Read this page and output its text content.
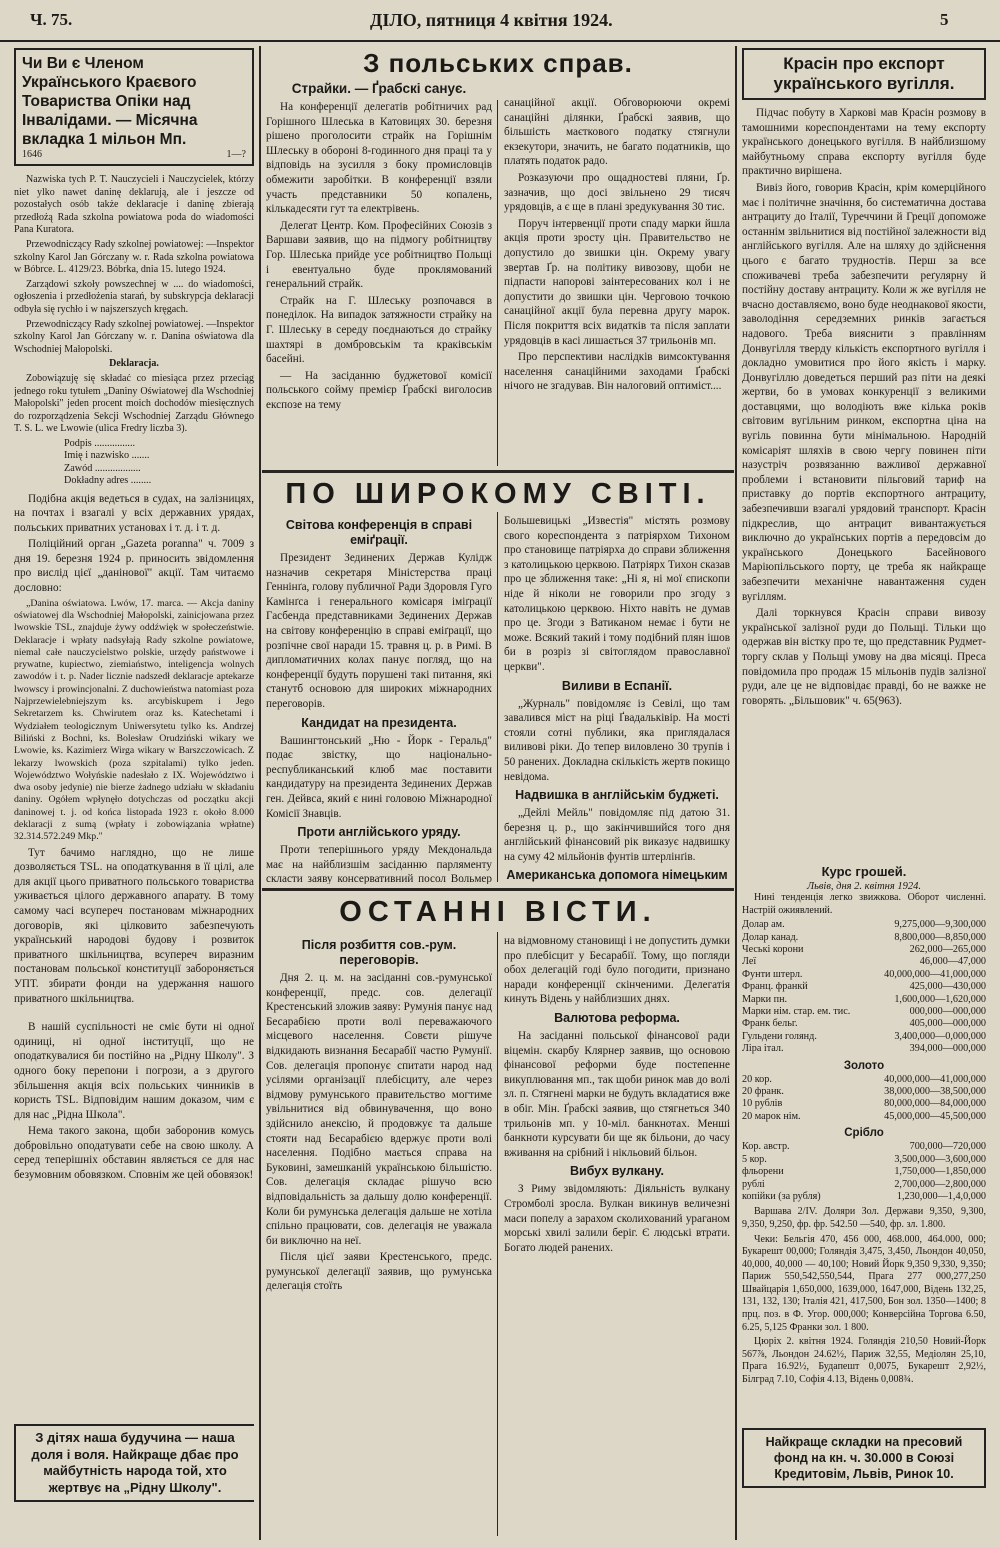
Ч. 75.	ДІЛО, пятниця 4 квітня 1924.	5
Чи Ви є Членом Українського Краєвого Товариства Опіки над Інвалідами. — Місячна вкладка 1 мільон Мп.
1646	1—?

Nazwiska tych P. T. Nauczycieli i Nauczycielek, którzy niet ylko nawet daninę deklarują, ale i jeszcze od pozostałych osób także deklaracje i daninę zbierają przedłożą Rada szkolna powiatowa poda do wiadomości Pana Kuratora.

Przewodniczący Rady szkolnej powiatowej: —Inspektor szkolny Karol Jan Górczany w. r. Rada szkolna powiatowa w Bóbrce. L. 4129/23. Bóbrka, dnia 15. lutego 1924.

Zarządowi szkoły powszechnej w .... do wiadomości, ogłoszenia i przedłożenia starań, by subskrypcja deklaracji odbyła się rychło i w najszerszych kręgach.

Przewodniczący Rady szkolnej powiatowej. —Inspektor szkolny Karol Jan Górczany w. r. Danina oświatowa dla Wschodniej Małopolski.

Deklaracja.

Zobowiązuję się składać co miesiąca przez przeciąg jednego roku tytułem „Daniny Oświatowej dla Wschodniej Małopolski" jeden procent moich dochodów miesięcznych do rozporządzenia Sekcji Wschodniej Zarządu Głównego T. S. L. we Lwowie (ulica Fredry liczba 3).

Podpis ................
Imię i nazwisko .......
Zawód ..................
Dokładny adres ........

Подібна акція ведеться в судах, на залізницях, на почтах і взагалі у всіх державних урядах, польських приватних установах і т. д. і т. д.

Поліційний орган „Gazeta poranna" ч. 7009 з дня 19. березня 1924 р. приносить звідомлення про вислід цієї „данінової" акції. Там читаємо дословно:

„Danina oświatowa. Lwów, 17. marca. — Akcja daniny oświatowej dla Wschodniej Małopolski, zainicjowana przez lwowskie TSL, znajduje żywy oddźwięk w społeczeństwie. Deklaracje i wpłaty nadsyłają Rady szkolne powiatowe, niemal całe nauczycielstwo polskie, urzędy państwowe i prywatne, kupiectwo, ziemiaństwo, inteligencja wolnych zawodów i t. p. Nader licznie nadszedł deklaracje aptekarze lwowscy i prowincjonalni. Z duchowieństwa natomiast poza Najprzewielebniejszym ks. arcybiskupem i Jego Sekretarzem ks. Chwirutem oraz ks. Katechetami i Wydziałem teologicznym Uniwersytetu tylko ks. Andrzej Biliński z Bochni, ks. Bolesław Orudziński wikary we Lwowie, ks. Kazimierz Wirga wikary w Barszczowicach. Z lekarzy lwowskich (poza szpitalami) tylko jeden. Województwo Wołyńskie nadesłało z IX. Województwo i dwa osoby jedynie) nie bierze żadnego udziału w składaniu daniny. Ogółem wpłynęło dotychczas od początku akcji daninowej t. j. od końca listopada 1923 r. około 8.000 deklaracji z sumą (wpłaty i zobowiązania wpłatne) 32.314.572.249 Mkp."

Тут бачимо наглядно, що не лише дозволяється TSL. на оподаткування в її цілі, але для акції цього приватного польського товариства уживається цілого державного апарату. В тому самому часі всупереч постановам міжнародних договорів, які цілковито забезпечують український народові будову і розвиток приватного шкільництва, всупереч виразним постановам польської конституції забороняється УПТ. збирати фонди на удержання нашого приватного шкільництва.

В нашій суспільності не сміє бути ні одної одиниці, ні одної інституції, що не оподаткувалися би постійно на „Рідну Школу". З одного боку перепони і погрози, а з другого збільшення акція всіх польських чинників в користь TSL. Відповідим нашим доказом, чим є для нас „Рідна Школа".

Нема такого закона, щоби заборонив комусь добровільно оподатувати себе на свою школу. А серед теперішніх обставин являється се для нас безумовним обовязком. Сповнім же цей обовязок!

З дітях наша будучина — наша доля і воля. Найкраще дбає про майбутність народа той, хто жертвує на „Рідну Школу".
З польських справ.
Страйки. — Ґрабскі санує.

На конференції делегатів робітничих рад Горішного Шлеська в Катовицях 30. березня рішено проголосити страйк на Горішнім Шлеську в обороні 8-годинного дня праці та у відповідь на зусилля з боку промисловців обмежити заробітки. В конференції взяли участь представники 50 копалень, кількадесяти гут та електрівень.

Делегат Центр. Ком. Професійних Союзів з Варшави заявив, що на підмогу робітництву Гор. Шлеська прийде усе робітництво Польщі і евентуально буде проклямований генеральний страйк.

Страйк на Г. Шлеську розпочався в понеділок. На випадок затяжности страйку на Г. Шлеську в середу поєднаються до страйку шахтярі в домбровськім та краківськім басейні.

— На засіданню буджетової комісії польського сойму премієр Ґрабскі виголосив експозе на тему

санаційної акції. Обговорюючи окремі санаційні ділянки, Ґрабскі заявив, що більшість маєткового податку стягнули екзекутори, значить, не багато податників, що платять податок радо.

Розказуючи про ощадностеві пляни, Ґр. зазначив, що досі звільнено 29 тисяч урядовців, а є ще в плані зредукування 30 тис.

Поруч інтервенції проти спаду марки йшла акція проти зросту цін. Правительство не допустило до звишки цін. Окрему увагу звертав Ґр. на політику вивозову, щоби не підпасти напорові заінтересованих кол і не допустити до звишки цін. Черговою точкою санаційної акції була перевна другу марок. Після покриття всіх видатків та після заплати урядовців в касі лишається 37 трильонів мп.

Про перспективи наслідків вимсоктування населення санаційними заходами Ґрабскі нічого не згадував. Він налоговий оптиміст....

ПО ШИРОКОМУ СВІТІ.
Світова конференція в справі еміґрації.

Президент Зединених Держав Кулідж назначив секретаря Міністерства праці Геннінґа, голову публичної Ради Здоровля Гуго Камінґса і генерального комісаря іміґрації Гасбенда представниками Зединених Держав на світову конференцію в справі еміґрації, що розпічне свої наради 15. травня ц. р. в Римі. В дипломатичних колах панує погляд, що на конференції будуть порушені такі питання, які станутб основою для широких міжнародних переговорів.

Кандидат на президента.

Вашингтонський „Ню - Йорк - Геральд" подає звістку, що національно-республиканський клюб має поставити кандидатуру на президента Зединених Держав ген. Дейвса, який є нині головою Міжнародної Комісії Знавців.

Проти англійського уряду.

Проти теперішнього уряду Мекдональда має на найблизшім засіданню парляменту скласти заяву консервативний посол Вольмер

Большевицькі „Известія" містять розмову свого кореспондента з патріярхом Тихоном про становище патріярха до справи зближення з католицькою церквою. Патріярх Тихон сказав про це зближення таке: „Ні я, ні мої єпископи ніде й ніколи не говорили про згоду з католицькою церквою. Ніхто навіть не думав про це. Згоди з Ватиканом немає і бути не може. Всякий такий і тому подібний плян ішов би в розріз зі світоглядом православної церкви".

Виливи в Еспанії.

„Журналь" повідомляє із Севілі, що там завалився міст на ріці Ґвадальківір. На мості стояли сотні публики, яка приглядалася виливові ріки. До тепер виловлено 30 трупів і 50 ранених. Докладна скількість жертв покищо невідома.

Надвишка в англійськім буджеті.

„Дейлі Мейль" повідомляє під датою 31. березня ц. р., що закінчившийся того дня англійський фінансовий рік виказує надвишку на суму 42 мільйонів фунтів штерлінґів.

Американська допомога німецьким

ОСТАННІ ВІСТИ.
Після розбиття сов.-рум. переговорів.

Дня 2. ц. м. на засіданні сов.-румунської конференції, предс. сов. делегації Крестенський зложив заяву: Румунія панує над Бесарабією проти волі переважаючого місцевого населення. Совєти рішуче відкидають визнання Бесарабії частю Румунії. Сов. делегація пропонує спитати народ над усілями організації плебісциту, але через відмову румунського правительство могтиме увільнитися від обвинувачення, що воно здійснило анексію, й продовжує та дальше стояти над Бесарабією вдержує проти волі населення. Подібно мається справа на Буковині, замешканій українською більшістю. Сов. делегація складає рішучо всю відповідальність за дальшу долю конференції. Коли би румунська делегація дальше не хотіла спільно працювати, сов. делегація не уважала би виключно на неї.

Після цієї заяви Крестенського, предс. румунської делегації заявив, що румунська делегація стоїть

на відмовному становищі і не допустить думки про плебісцит у Бесарабії. Тому, що погляди обох делегацій годі було погодити, признано наради конференції скінченими. Делегатія кинуть Відень у найблизших днях.

Валютова реформа.

На засіданні польської фінансової ради віцемін. скарбу Клярнер заявив, що основою фінансової реформи буде постепенне викуплювання мп., так щоби ринок мав до волі зл. п. Стягнені марки не будуть вкладатися вже в обіг. Мін. Ґрабскі заявив, що стягнеться 340 трильонів мп. у 10-міл. банкнотах. Менші банкноти курсувати би ще як більони, до часу вживання на срібний і нікльовий більон.

Вибух вулкану.

З Риму звідомляють: Діяльність вулкану Стромболі зросла. Вулкан викинув величезні маси попелу а зарахом сколихований ураганом морські хвилі залили беріг. Є людські втрати. Богато людей ранених.

Красін про експорт українського вугілля.

Підчас побуту в Харкові мав Красін розмову в тамошними кореспондентами на тему експорту українського донецького вугілля. В найблизшому майбутньому справа експорту вугілля буде практично вирішена.

Вивіз його, говорив Красін, крім комерційного має і політичне значіння, бо систематична достава антрациту до Італії, Туреччини й Греції допоможе останнім звільнитися від постійної залежности від англійського вугілля. Але на шляху до здійснення цього є багато трудностів. Перш за все споживачеві треба забезпечити реґулярну й постійну доставу антрациту. Коли ж же вугілля не вчасно доставляємо, воно буде неоднакової якости, заволодіння середземних ринків загається надового. Треба вияснити з правлінням Донвугілля тверду кількість експортного вугілля і докладно умовитися про його якість і марку. Донвугіллю доведеться перший раз піти на деякі жертви, бо в умовах конкуренції з великими доставцями, що володіють вже кілька років світовим вугільним ринком, експортна ціна на вугіль повинна бути мінімальною. Народній комісаріят шляхів в свою чергу повинен піти назустріч розвязанню важливої державної проблеми і встановити пільговий тариф на приставку до портів експортного антрациту, забезпечивши взагалі урядовий транспорт. Красін підкреслив, що антрацит вивантажується виключно до українських портів а передовсім до українського Донецького Басейнового Маріюпільського порту, це треба як найкраще забезпечити механічне навантаження суден вугіллям.

Далі торкнувся Красін справи вивозу української залізної руди до Польщі. Тільки що одержав він вістку про те, що представник Рудмет-торгу склав у Польщі умову на два місяці. Преса повідомила про продаж 15 мільонів пудів залізної руди, але це не відповідає правді, бо не важке не говорять. „Більшовик" ч. 65(963).

Курс грошей.
Львів, дня 2. квітня 1924.

Нині тенденція легко звижкова. Оборот численні. Настрій ожиявлений.

Долар ам.	9,275,000—9,300,000
Долар канад.	8,800,000—8,850,000
Чеські корони	262,000—265,000
Леї	46,000—47,000
Фунти штерл.	40,000,000—41,000,000
Франц. франкй	425,000—430,000
Марки пн.	1,600,000—1,620,000
Марки нім. стар. ем. тис.	000,000—000,000
Франк бельг.	405,000—000,000
Гульдени голянд.	3,400,000—0,000,000
Ліра італ.	394,000—000,000
Золото
20 кор.	40,000,000—41,000,000
20 франк.	38,000,000—38,500,000
10 рублів	80,000,000—84,000,000
20 марок нім.	45,000,000—45,500,000
Срібло
Кор. австр.	700,000—720,000
5 кор.	3,500,000—3,600,000
фльорени	1,750,000—1,850,000
рублі	2,700,000—2,800,000
копійки (за рубля)	1,230,000—1,4,0,000

Варшава 2/IV. Доляри Зол. Держави 9,350, 9,300, 9,350, 9,250, фр. фр. 542.50 —540, фр. зл. 1.800.

Чеки: Бельгія 470, 456 000, 468.000, 464.000, 000; Букарешт 00,000; Голяндія 3,475, 3,450, Льондон 40,050, 40,000, 40,000 — 40,100; Новий Йорк 9,350 9,330, 9,350; Париж 550,542,550,544, Прага 277 000,277,250 Швайцарія 1,650,000, 1639,000, 1647,000, Відень 132,25, 131, 132, 130; Італія 421, 417,500, Бон зол. 1350—1400; 8 прц. поз. в Ф. Угор. 000,000; Конверсійна Торгова 6.50, 6.25, 5,125 Франки зол. 1 800.

Цюріх 2. квітня 1924. Голяндія 210,50 Новий-Йорк 567⅞, Льондон 24.62½, Париж 32,55, Медіолян 25,10, Прага 16.92½, Будапешт 0,0075, Букарешт 2,92½, Білград 7.10, Софія 4.13, Відень 0,008¾.

Найкраще складки на пресовий фонд на кн. ч. 30.000 в Союзі Кредитовім, Львів, Ринок 10.
